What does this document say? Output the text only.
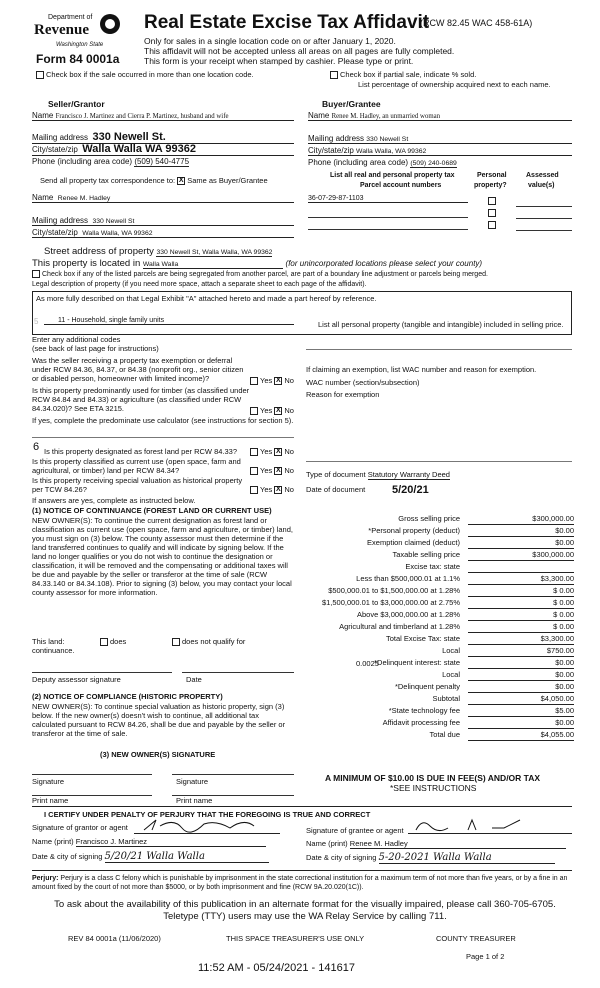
Department of
Revenue
Washington State
Form 84 0001a
Real Estate Excise Tax Affidavit
(RCW 82.45 WAC 458-61A)
Only for sales in a single location code on or after January 1, 2020.
This affidavit will not be accepted unless all areas on all pages are fully completed.
This form is your receipt when stamped by cashier. Please type or print.
Check box if the sale occurred in more than one location code.	Check box if partial sale, indicate % sold.
List percentage of ownership acquired next to each name.
Seller/Grantor
Name Francisco J. Martinez and Cierra P. Martinez, husband and wife
Mailing address 330 Newell St.
City/state/zip Walla Walla WA 99362
Phone (including area code) (509) 540-4775
Buyer/Grantee
Name Renee M. Hadley, an unmarried woman
Mailing address 330 Newell St
City/state/zip Walla Walla, WA 99362
Phone (including area code) (509) 240-0689
Send all property tax correspondence to: X Same as Buyer/Grantee
Name Renee M. Hadley
Mailing address 330 Newell St
City/state/zip Walla Walla, WA 99362
List all real and personal property tax
Parcel account numbers
Personal
property?
Assessed
value(s)
36-07-29-87-1103
Street address of property 330 Newell St, Walla Walla, WA 99362
This property is located in Walla Walla	(for unincorporated locations please select your county)
Check box if any of the listed parcels are being segregated from another parcel, are part of a boundary line adjustment or parcels being merged.
Legal description of property (if you need more space, attach a separate sheet to each page of the affidavit).
As more fully described on that Legal Exhibit "A" attached hereto and made a part hereof by reference.
5	11 - Household, single family units
Enter any additional codes
(see back of last page for instructions)
Was the seller receiving a property tax exemption or deferral under RCW 84.36, 84.37, or 84.38 (nonprofit org., senior citizen or disabled person, homeowner with limited income)?	Yes X No
Is this property predominantly used for timber (as classified under RCW 84.84 and 84.33) or agriculture (as classified under RCW 84.34.020)? See ETA 3215.	Yes X No
If yes, complete the predominate use calculator (see instructions for section 5).
6 Is this property designated as forest land per RCW 84.33?	Yes X No
Is this property classified as current use (open space, farm and agricultural, or timber) land per RCW 84.34?	Yes X No
Is this property receiving special valuation as historical property per TCW 84.26?	Yes X No
If answers are yes, complete as instructed below.
(1) NOTICE OF CONTINUANCE (FOREST LAND OR CURRENT USE)
NEW OWNER(S): To continue the current designation as forest land or classification as current use (open space, farm and agriculture, or timber) land, you must sign on (3) below. The county assessor must then determine if the land transferred continues to qualify and will indicate by signing below. If the land no longer qualifies or you do not wish to continue the designation or classification, it will be removed and the compensating or additional taxes will be due and payable by the seller or transferor at the time of sale (RCW 84.33.140 or 84.34.108). Prior to signing (3) below, you may contact your local county assessor for more information.
This land:
continuance.
does	does not qualify for
Deputy assessor signature	Date
(2) NOTICE OF COMPLIANCE (HISTORIC PROPERTY)
NEW OWNER(S): To continue special valuation as historic property, sign (3) below. If the new owner(s) doesn't wish to continue, all additional tax calculated pursuant to RCW 84.26, shall be due and payable by the seller or transferor at the time of sale.
(3) NEW OWNER(S) SIGNATURE
Signature	Signature
Print name	Print name
List all personal property (tangible and intangible) included in selling price.
If claiming an exemption, list WAC number and reason for exemption.
WAC number (section/subsection)
Reason for exemption
Type of document Statutory Warranty Deed
Date of document 5/20/21
Gross selling price	$300,000.00
*Personal property (deduct)	$0.00
Exemption claimed (deduct)	$0.00
Taxable selling price	$300,000.00
Excise tax: state
Less than $500,000.01 at 1.1%	$3,300.00
$500,000.01 to $1,500,000.00 at 1.28%	$ 0.00
$1,500,000.01 to $3,000,000.00 at 2.75%	$ 0.00
Above $3,000,000.00 at 1.28%	$ 0.00
Agricultural and timberland at 1.28%	$ 0.00
Total Excise Tax: state	$3,300.00
Local	$750.00
*Delinquent interest: state	$0.00
Local	$0.00
*Delinquent penalty	$0.00
Subtotal	$4,050.00
*State technology fee	$5.00
Affidavit processing fee	$0.00
Total due	$4,055.00
0.0025
A MINIMUM OF $10.00 IS DUE IN FEE(S) AND/OR TAX
*SEE INSTRUCTIONS
I CERTIFY UNDER PENALTY OF PERJURY THAT THE FOREGOING IS TRUE AND CORRECT
Signature of grantor or agent
Name (print) Francisco J. Martinez
Date & city of signing 5/20/21 Walla Walla
Signature of grantee or agent
Name (print) Renee M. Hadley
Date & city of signing 5-20-2021 Walla Walla
Perjury: Perjury is a class C felony which is punishable by imprisonment in the state correctional institution for a maximum term of not more than five years, or by a fine in an amount fixed by the court of not more than $5000, or by both imprisonment and fine (RCW 9A.20.020(1C)).
To ask about the availability of this publication in an alternate format for the visually impaired, please call 360-705-6705.
Teletype (TTY) users may use the WA Relay Service by calling 711.
REV 84 0001a (11/06/2020)	THIS SPACE TREASURER'S USE ONLY	COUNTY TREASURER
Page 1 of 2
11:52 AM - 05/24/2021 - 141617
